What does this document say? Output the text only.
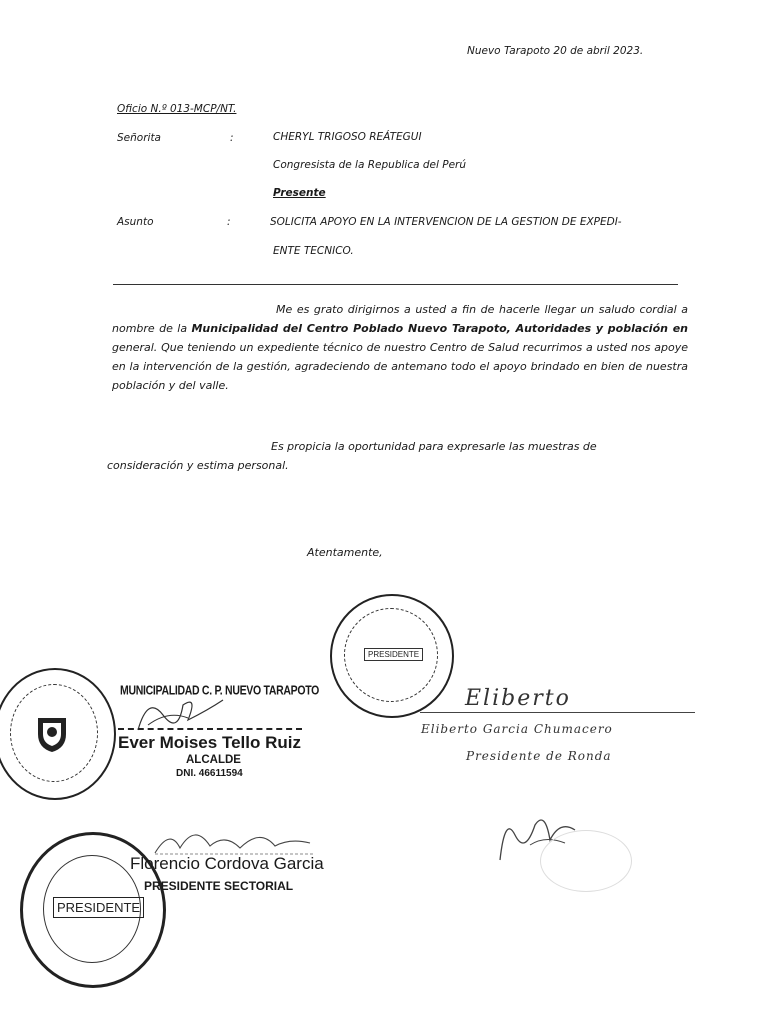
Nuevo Tarapoto 20 de abril 2023.
Oficio N.º 013-MCP/NT.
Señorita	:	CHERYL TRIGOSO REÁTEGUI
Congresista de la Republica del Perú
Presente
Asunto	:	SOLICITA APOYO EN LA INTERVENCION DE LA GESTION DE EXPEDI-
ENTE TECNICO.
Me es grato dirigirnos a usted a fin de hacerle llegar un saludo cordial a nombre de la Municipalidad del Centro Poblado Nuevo Tarapoto, Autoridades y población en general. Que teniendo un expediente técnico de nuestro Centro de Salud recurrimos a usted nos apoye en la intervención de la gestión, agradeciendo de antemano todo el apoyo brindado en bien de nuestra población y del valle.
Es propicia la oportunidad para expresarle las muestras de consideración y estima personal.
Atentamente,
MUNICIPALIDAD C. P. NUEVO TARAPOTO
Ever Moises Tello Ruiz
ALCALDE
DNI. 46611594
PRESIDENTE
Eliberto
Eliberto Garcia Chumacero
Presidente de Ronda
PRESIDENTE
Florencio Cordova Garcia
PRESIDENTE SECTORIAL
